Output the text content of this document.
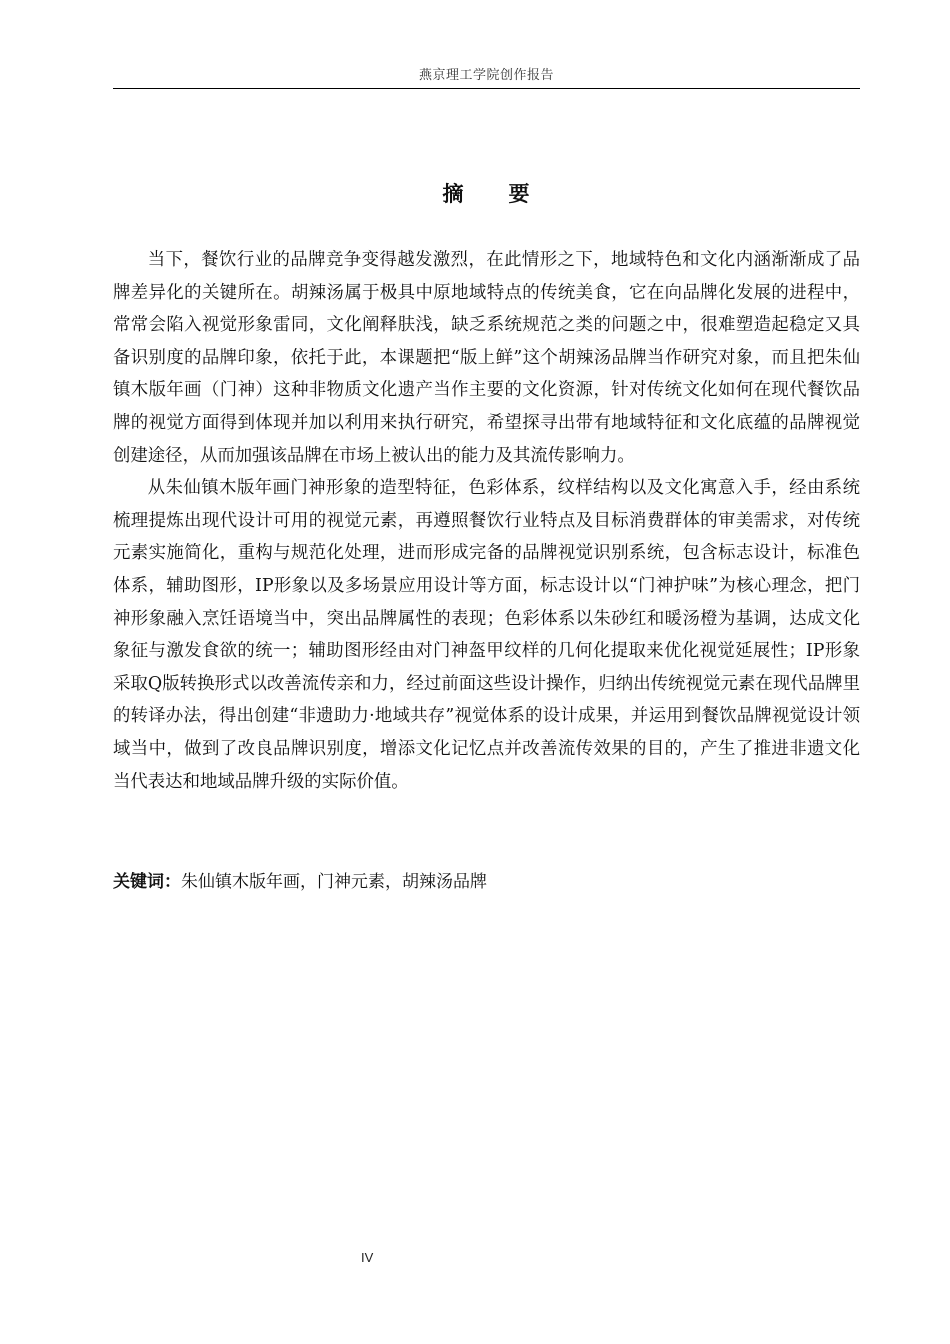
燕京理工学院创作报告
摘 要

当下，餐饮行业的品牌竞争变得越发激烈，在此情形之下，地域特色和文化内涵渐渐成了品牌差异化的关键所在。胡辣汤属于极具中原地域特点的传统美食，它在向品牌化发展的进程中，常常会陷入视觉形象雷同，文化阐释肤浅，缺乏系统规范之类的问题之中，很难塑造起稳定又具备识别度的品牌印象，依托于此，本课题把“版上鲜”这个胡辣汤品牌当作研究对象，而且把朱仙镇木版年画（门神）这种非物质文化遗产当作主要的文化资源，针对传统文化如何在现代餐饮品牌的视觉方面得到体现并加以利用来执行研究，希望探寻出带有地域特征和文化底蕴的品牌视觉创建途径，从而加强该品牌在市场上被认出的能力及其流传影响力。

从朱仙镇木版年画门神形象的造型特征，色彩体系，纹样结构以及文化寓意入手，经由系统梳理提炼出现代设计可用的视觉元素，再遵照餐饮行业特点及目标消费群体的审美需求，对传统元素实施简化，重构与规范化处理，进而形成完备的品牌视觉识别系统，包含标志设计，标准色体系，辅助图形，IP形象以及多场景应用设计等方面，标志设计以“门神护味”为核心理念，把门神形象融入烹饪语境当中，突出品牌属性的表现；色彩体系以朱砂红和暖汤橙为基调，达成文化象征与激发食欲的统一；辅助图形经由对门神盔甲纹样的几何化提取来优化视觉延展性；IP形象采取Q版转换形式以改善流传亲和力，经过前面这些设计操作，归纳出传统视觉元素在现代品牌里的转译办法，得出创建“非遗助力·地域共存”视觉体系的设计成果，并运用到餐饮品牌视觉设计领域当中，做到了改良品牌识别度，增添文化记忆点并改善流传效果的目的，产生了推进非遗文化当代表达和地域品牌升级的实际价值。

关键词：朱仙镇木版年画，门神元素，胡辣汤品牌
IV
